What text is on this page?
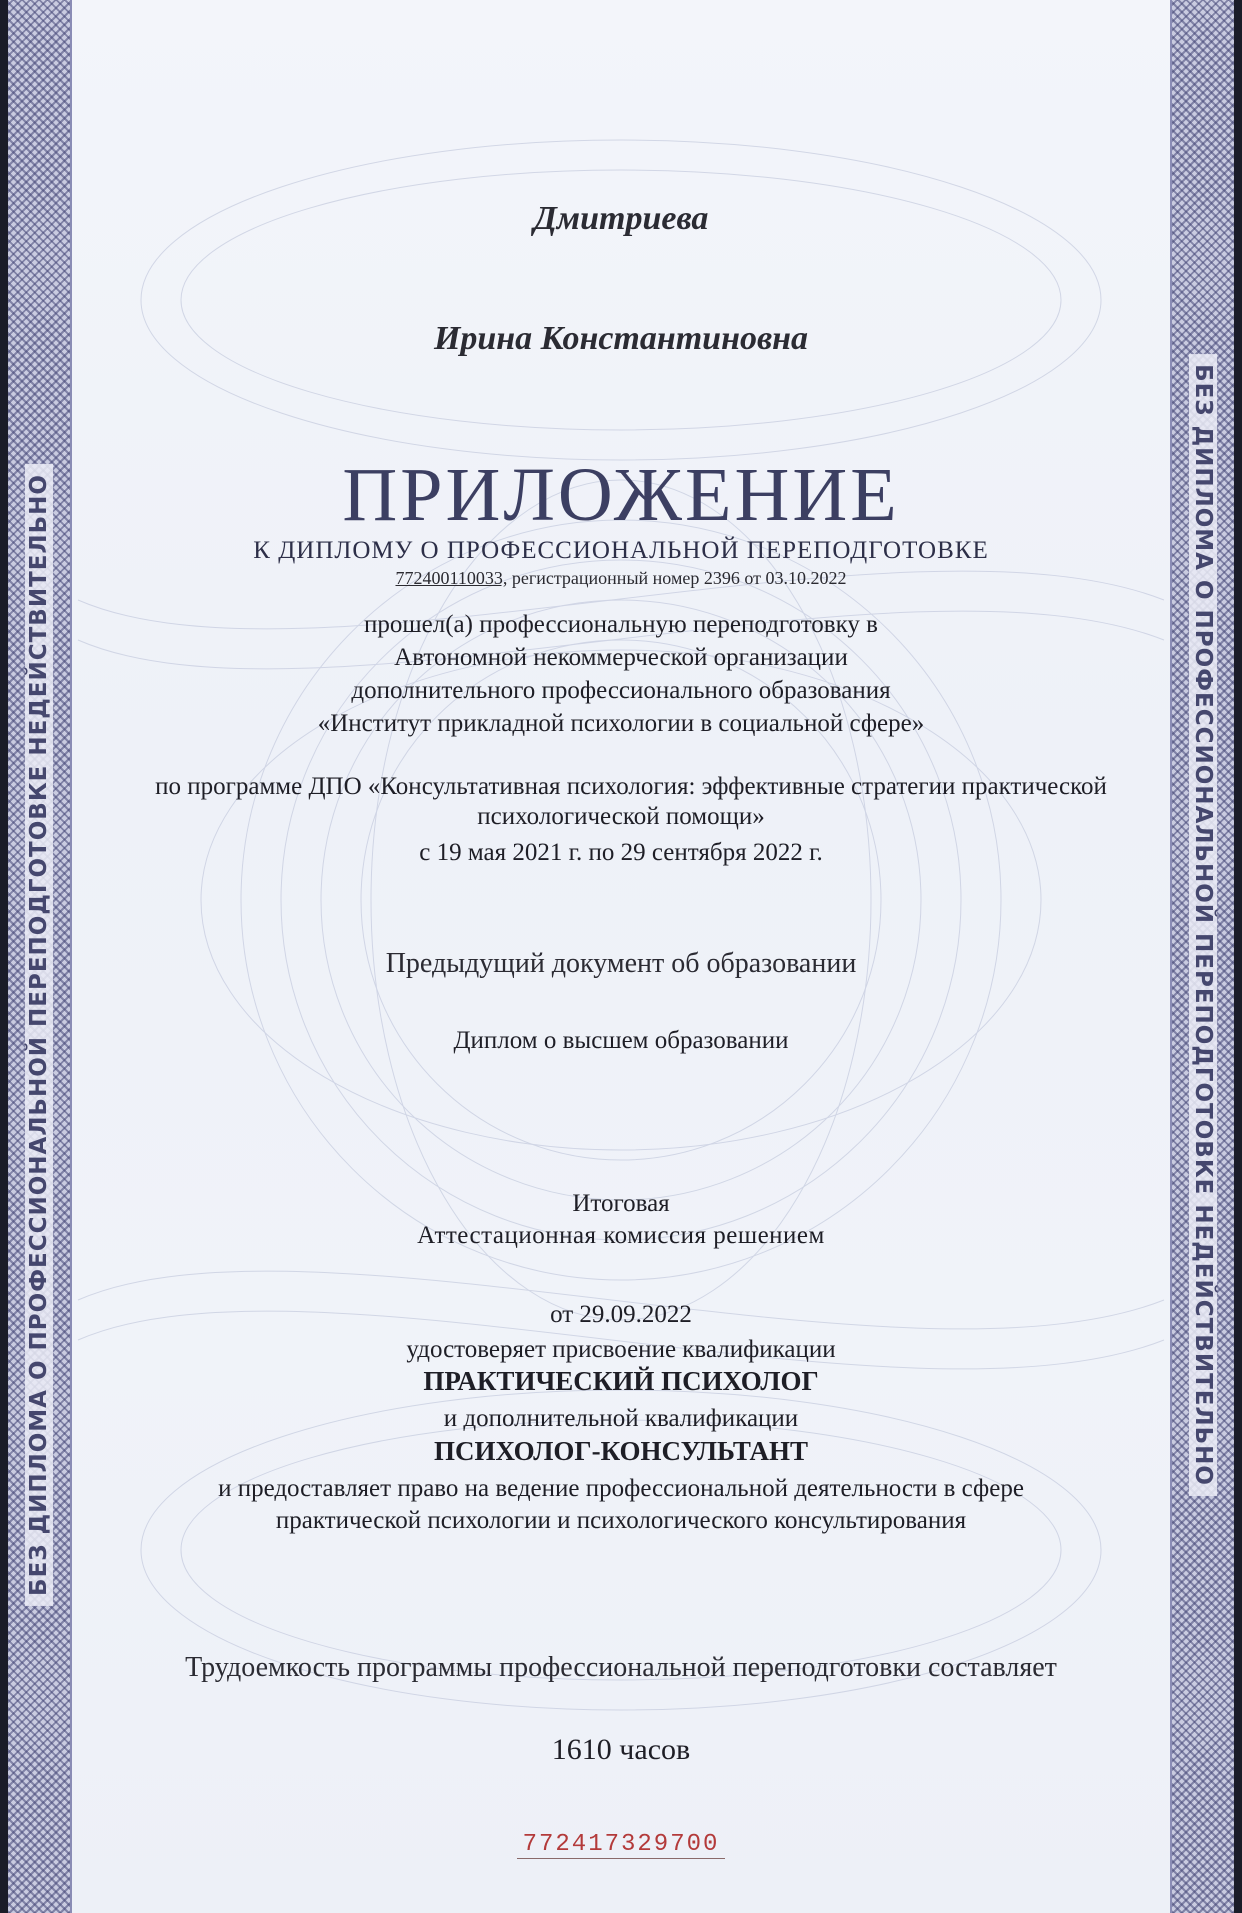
БЕЗ ДИПЛОМА О ПРОФЕССИОНАЛЬНОЙ ПЕРЕПОДГОТОВКЕ НЕДЕЙСТВИТЕЛЬНО	БЕЗ ДИПЛОМА О ПРОФЕССИОНАЛЬНОЙ ПЕРЕПОДГОТОВКЕ НЕДЕЙСТВИТЕЛЬНО
Дмитриева
Ирина Константиновна
ПРИЛОЖЕНИЕ
К ДИПЛОМУ О ПРОФЕССИОНАЛЬНОЙ ПЕРЕПОДГОТОВКЕ
772400110033, регистрационный номер 2396 от 03.10.2022
прошел(а) профессиональную переподготовку в
Автономной некоммерческой организации
дополнительного профессионального образования
«Институт прикладной психологии в социальной сфере»
по программе ДПО «Консультативная психология: эффективные стратегии практической
психологической помощи»
с 19 мая 2021 г. по 29 сентября 2022 г.
Предыдущий документ об образовании
Диплом о высшем образовании
Итоговая
Аттестационная комиссия решением
от 29.09.2022
удостоверяет присвоение квалификации
ПРАКТИЧЕСКИЙ ПСИХОЛОГ
и дополнительной квалификации
ПСИХОЛОГ-КОНСУЛЬТАНТ
и предоставляет право на ведение профессиональной деятельности в сфере
практической психологии и психологического консультирования
Трудоемкость программы профессиональной переподготовки составляет
1610 часов
772417329700
